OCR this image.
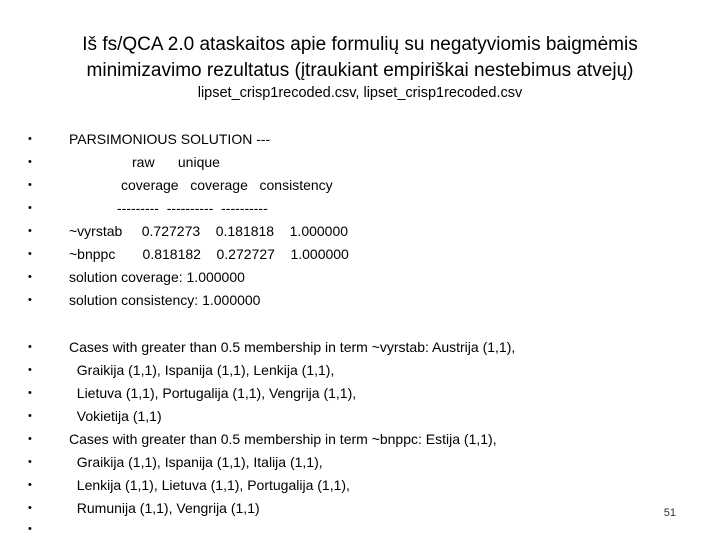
Iš fs/QCA 2.0 ataskaitos apie formulių su negatyviomis baigmėmis
minimizavimo rezultatus (įtraukiant empiriškai nestebimus atvejų)
lipset_crisp1recoded.csv, lipset_crisp1recoded.csv
•	PARSIMONIOUS SOLUTION ---
•	raw      unique
•	coverage   coverage   consistency
•	---------  ----------  ----------
•	~vyrstab     0.727273    0.181818    1.000000
•	~bnppc       0.818182    0.272727    1.000000
•	solution coverage: 1.000000
•	solution consistency: 1.000000
•	Cases with greater than 0.5 membership in term ~vyrstab: Austrija (1,1),
•	Graikija (1,1), Ispanija (1,1), Lenkija (1,1),
•	Lietuva (1,1), Portugalija (1,1), Vengrija (1,1),
•	Vokietija (1,1)
•	Cases with greater than 0.5 membership in term ~bnppc: Estija (1,1),
•	Graikija (1,1), Ispanija (1,1), Italija (1,1),
•	Lenkija (1,1), Lietuva (1,1), Portugalija (1,1),
•	Rumunija (1,1), Vengrija (1,1)
•
51
